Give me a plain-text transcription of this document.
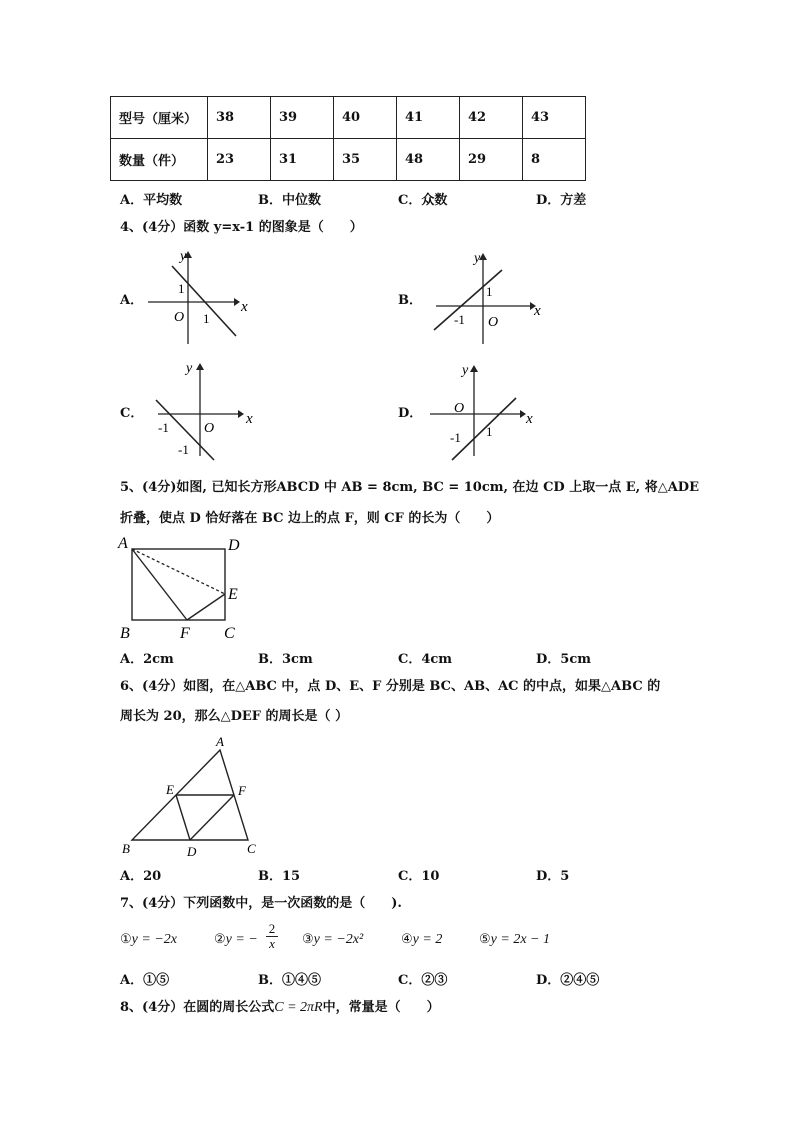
型号（厘米）	38	39	40	41	42	43
数量（件）	23	31	35	48	29	8
A．平均数	B．中位数	C．众数	D．方差
4、(4分）函数 y=x-1 的图象是（　　）
A．
y
x
O
1
1
B．
y
x
O
1
-1
C．
y
x
O
-1
-1
D．
y
x
O
1
-1
5、(4分)如图, 已知长方形ABCD 中 AB = 8cm, BC = 10cm, 在边 CD 上取一点 E, 将△ADE
折叠，使点 D 恰好落在 BC 边上的点 F，则 CF 的长为（　　）
A	D
E
B	F C
A．2cm	B．3cm	C．4cm	D．5cm
6、(4分）如图，在△ABC 中，点 D、E、F 分别是 BC、AB、AC 的中点，如果△ABC 的
周长为 20，那么△DEF 的周长是（ ）
A
E	F
B	D	C
A．20	B．15	C．10	D．5
7、(4分）下列函数中，是一次函数的是（　　).
①y = −2x	②y = − $\frac{2}{x}$ ③y = −2x²	④y = 2	⑤y = 2x − 1
A．①⑤	B．①④⑤	C．②③	D．②④⑤
8、(4分）在圆的周长公式C = 2πR中，常量是（　　）
